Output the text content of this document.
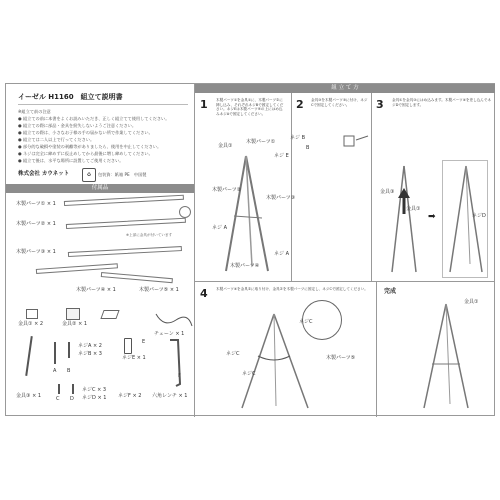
イーゼル H1160　組立て説明書
※組立て前の注意
● 組立ての前に本書をよくお読みいただき、正しく組立てて使用してください。
● 組立ての際に部品・金具を紛失しないようご注意ください。
● 組立ての際は、小さなお子様の手の届かない所で作業してください。
● 組立ては二人以上で行ってください。
● 部分的な破損や塗装の剥離等がありましたら、使用を中止してください。
● ネジは完全に締めずに仮止めしてから最後に増し締めしてください。
● 組立て後は、水平な場所に設置してご使用ください。
株式会社 カウネット	♻	包装資：紙箱 PE　中国製
付属品
木製パーツ① × 1
木製パーツ② × 1
※上部に金具が付いています
木製パーツ③ × 1
木製パーツ④ × 1	木製パーツ⑤ × 1
金具① × 2	金具② × 1
チェーン × 1
A B
ネジA × 2
ネジB × 3
E
ネジE × 1
F
金具③ × 1	C D
ネジC × 3
ネジD × 1 ネジF × 2 六角レンチ × 1
組 立 て 方
1 木製パーツ①を金具①に、木製パーツ②に挿し込み、それぞれネジBで固定してください。ネジEは木製パーツ⑤の上にはめ込みネジAで固定してください。
金具①
木製パーツ①
ネジ B
ネジ E
B
木製パーツ②
木製パーツ③
ネジ A
ネジ A
木製パーツ④
2 金具③を木製パーツ③に付け、ネジCで固定してください。	3 金具①を金具③にはめ込みます。木製パーツ④を差し込んでネジDで固定します。
金具③
金具①
➡	ネジD
4 木製パーツ④を金具②に取り付け、金具②を木製パーツに固定し、ネジCで固定してください。
ネジC
ネジC
木製パーツ⑤
ネジC
完成
金具①
